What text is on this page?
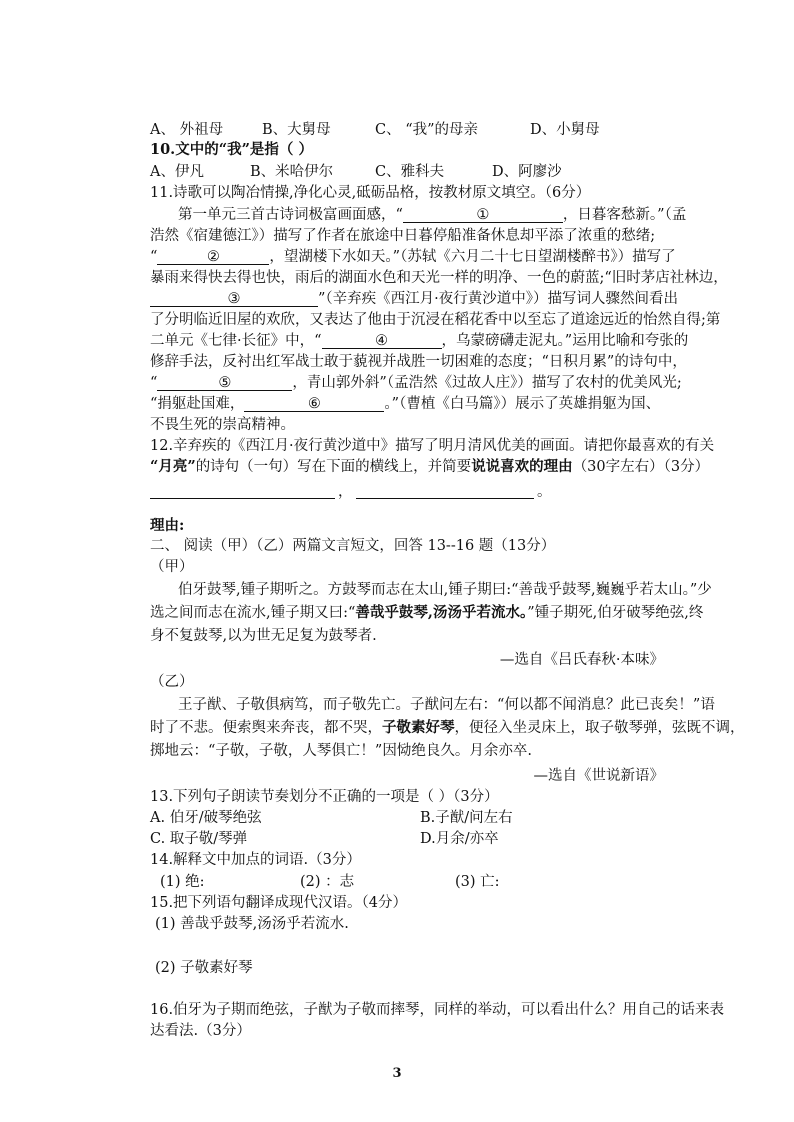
A、 外祖母	B、大舅母	C、 “我”的母亲	D、小舅母
10.文中的“我”是指（ ）
A、伊凡	B、米哈伊尔	C、雅科夫	D、阿廖沙
11.诗歌可以陶冶情操,净化心灵,砥砺品格，按教材原文填空。（6分）
第一单元三首古诗词极富画面感，“	①	，日暮客愁新。”（孟
浩然《宿建德江》）描写了作者在旅途中日暮停船准备休息却平添了浓重的愁绪;
“	②	，望湖楼下水如天。”（苏轼《六月二十七日望湖楼醉书》）描写了
暴雨来得快去得也快，雨后的湖面水色和天光一样的明净、一色的蔚蓝;“旧时茅店社林边，
③	”（辛弃疾《西江月·夜行黄沙道中》）描写词人骤然间看出
了分明临近旧屋的欢欣，又表达了他由于沉浸在稻花香中以至忘了道途远近的怡然自得;第
二单元《七律·长征》中，“	④	，乌蒙磅礴走泥丸。”运用比喻和夸张的
修辞手法，反衬出红军战士敢于藐视并战胜一切困难的态度；“日积月累”的诗句中，
“	⑤	，青山郭外斜”（孟浩然《过故人庄》）描写了农村的优美风光;
“捐躯赴国难，	⑥	。”（曹植《白马篇》）展示了英雄捐躯为国、
不畏生死的崇高精神。
12.辛弃疾的《西江月·夜行黄沙道中》描写了明月清风优美的画面。请把你最喜欢的有关
“月亮”的诗句（一句）写在下面的横线上，并简要说说喜欢的理由（30字左右）（3分）
，	。
理由:
二、 阅读（甲）（乙）两篇文言短文，回答 13--16 题（13分）
（甲）
伯牙鼓琴,锺子期听之。方鼓琴而志在太山,锺子期曰:“善哉乎鼓琴,巍巍乎若太山。”少
选之间而志在流水,锺子期又曰:“善哉乎鼓琴,汤汤乎若流水。”锺子期死,伯牙破琴绝弦,终
身不复鼓琴,以为世无足复为鼓琴者.
—选自《吕氏春秋·本味》
（乙）
王子猷、子敬俱病笃，而子敬先亡。子猷问左右：“何以都不闻消息？此已丧矣！”语
时了不悲。便索舆来奔丧，都不哭，子敬素好琴，便径入坐灵床上，取子敬琴弹，弦既不调，
掷地云：“子敬，子敬，人琴俱亡！”因恸绝良久。月余亦卒.
—选自《世说新语》
13.下列句子朗读节奏划分不正确的一项是（ ）（3分）
A. 伯牙/破琴绝弦	B.子猷/问左右
C. 取子敬/琴弹	D.月余/亦卒
14.解释文中加点的词语.（3分）
(1) 绝:	(2) ：志	(3) 亡:
15.把下列语句翻译成现代汉语。（4分）
(1) 善哉乎鼓琴,汤汤乎若流水.
(2) 子敬素好琴
16.伯牙为子期而绝弦，子猷为子敬而摔琴，同样的举动，可以看出什么？用自己的话来表
达看法.（3分）
3
